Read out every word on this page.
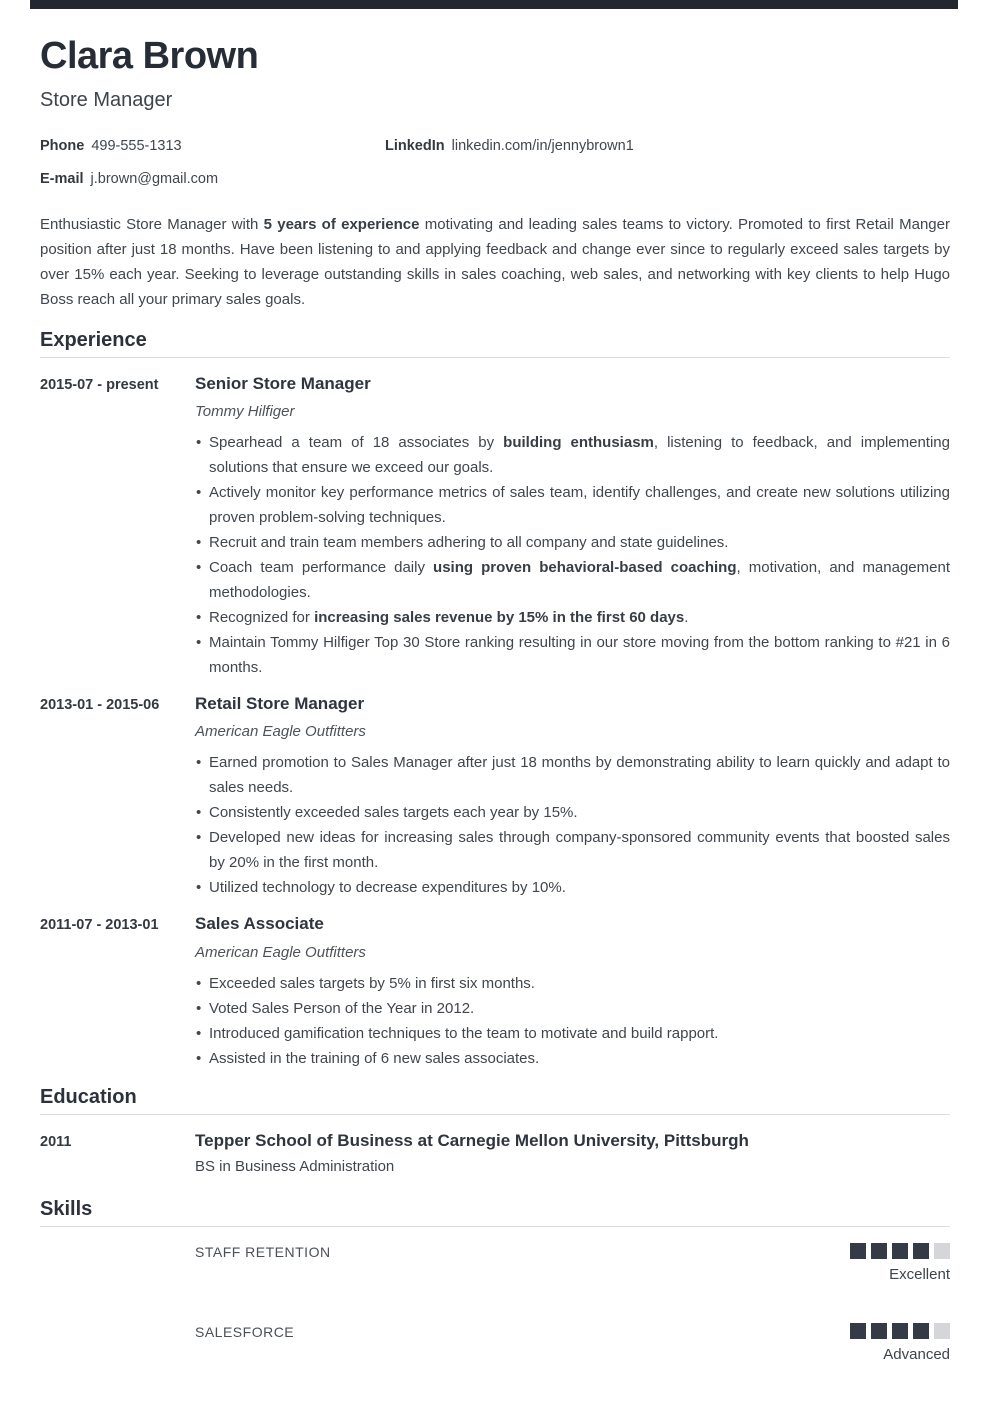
Clara Brown
Store Manager
Phone 499-555-1313	LinkedIn linkedin.com/in/jennybrown1
E-mail j.brown@gmail.com

Enthusiastic Store Manager with 5 years of experience motivating and leading sales teams to victory. Promoted to first Retail Manger position after just 18 months. Have been listening to and applying feedback and change ever since to regularly exceed sales targets by over 15% each year. Seeking to leverage outstanding skills in sales coaching, web sales, and networking with key clients to help Hugo Boss reach all your primary sales goals.

Experience
2015-07 - present	Senior Store Manager
Tommy Hilfiger
• Spearhead a team of 18 associates by building enthusiasm, listening to feedback, and implementing solutions that ensure we exceed our goals.
• Actively monitor key performance metrics of sales team, identify challenges, and create new solutions utilizing proven problem-solving techniques.
• Recruit and train team members adhering to all company and state guidelines.
• Coach team performance daily using proven behavioral-based coaching, motivation, and management methodologies.
• Recognized for increasing sales revenue by 15% in the first 60 days.
• Maintain Tommy Hilfiger Top 30 Store ranking resulting in our store moving from the bottom ranking to #21 in 6 months.
2013-01 - 2015-06	Retail Store Manager
American Eagle Outfitters
• Earned promotion to Sales Manager after just 18 months by demonstrating ability to learn quickly and adapt to sales needs.
• Consistently exceeded sales targets each year by 15%.
• Developed new ideas for increasing sales through company-sponsored community events that boosted sales by 20% in the first month.
• Utilized technology to decrease expenditures by 10%.
2011-07 - 2013-01	Sales Associate
American Eagle Outfitters
• Exceeded sales targets by 5% in first six months.
• Voted Sales Person of the Year in 2012.
• Introduced gamification techniques to the team to motivate and build rapport.
• Assisted in the training of 6 new sales associates.
Education
2011	Tepper School of Business at Carnegie Mellon University, Pittsburgh
BS in Business Administration
Skills
STAFF RETENTION
Excellent
SALESFORCE
Advanced
